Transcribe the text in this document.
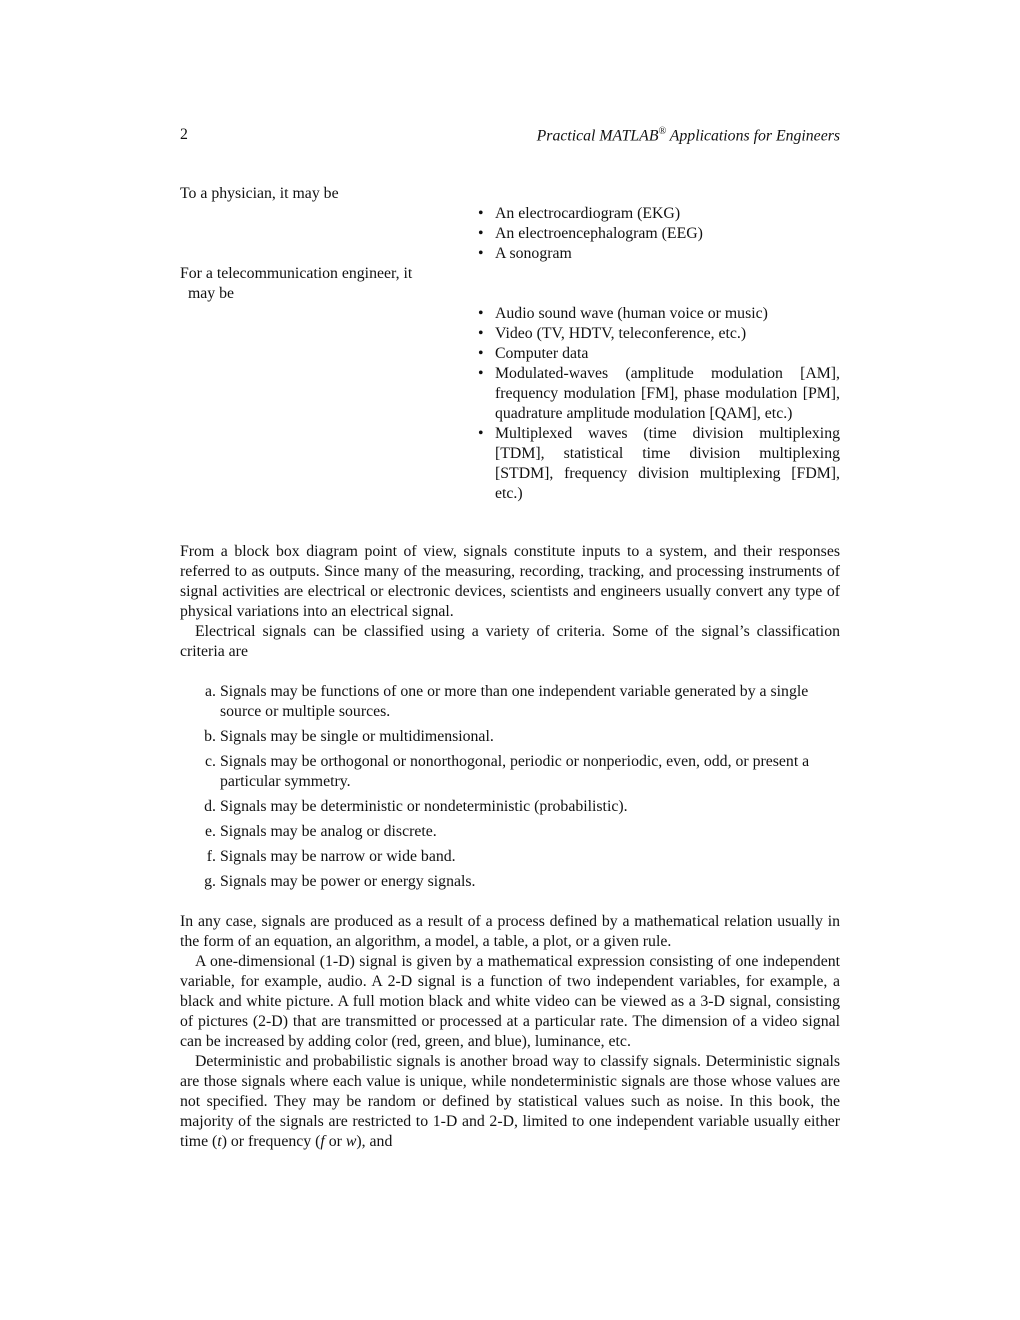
2	Practical MATLAB® Applications for Engineers
To a physician, it may be
• An electrocardiogram (EKG)
• An electroencephalogram (EEG)
• A sonogram
For a telecommunication engineer, it
may be
• Audio sound wave (human voice or music)
• Video (TV, HDTV, teleconference, etc.)
• Computer data
• Modulated-waves (amplitude modulation [AM], frequency modulation [FM], phase modulation [PM], quadrature amplitude modulation [QAM], etc.)
• Multiplexed waves (time division multiplexing [TDM], statistical time division multiplexing [STDM], frequency division multiplexing [FDM], etc.)

From a block box diagram point of view, signals constitute inputs to a system, and their responses referred to as outputs. Since many of the measuring, recording, tracking, and processing instruments of signal activities are electrical or electronic devices, scientists and engineers usually convert any type of physical variations into an electrical signal.

Electrical signals can be classified using a variety of criteria. Some of the signal’s classification criteria are

a. Signals may be functions of one or more than one independent variable generated by a single source or multiple sources.
b. Signals may be single or multidimensional.
c. Signals may be orthogonal or nonorthogonal, periodic or nonperiodic, even, odd, or present a particular symmetry.
d. Signals may be deterministic or nondeterministic (probabilistic).
e. Signals may be analog or discrete.
f. Signals may be narrow or wide band.
g. Signals may be power or energy signals.

In any case, signals are produced as a result of a process defined by a mathematical relation usually in the form of an equation, an algorithm, a model, a table, a plot, or a given rule.

A one-dimensional (1-D) signal is given by a mathematical expression consisting of one independent variable, for example, audio. A 2-D signal is a function of two independent variables, for example, a black and white picture. A full motion black and white video can be viewed as a 3-D signal, consisting of pictures (2-D) that are transmitted or processed at a particular rate. The dimension of a video signal can be increased by adding color (red, green, and blue), luminance, etc.

Deterministic and probabilistic signals is another broad way to classify signals. Deterministic signals are those signals where each value is unique, while nondeterministic signals are those whose values are not specified. They may be random or defined by statistical values such as noise. In this book, the majority of the signals are restricted to 1-D and 2-D, limited to one independent variable usually either time (t) or frequency (f or w), and
